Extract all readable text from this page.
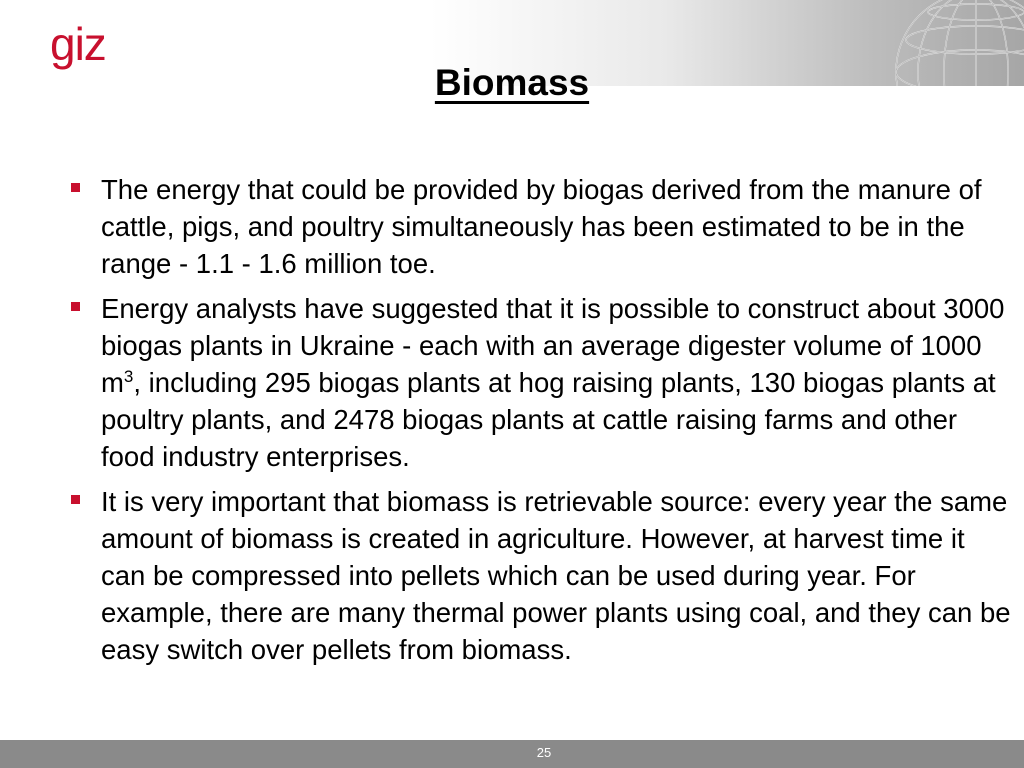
giz
Biomass
The energy that could be provided by biogas derived from the manure of cattle, pigs, and poultry simultaneously has been estimated to be in the range - 1.1 - 1.6 million toe.
Energy analysts have suggested that it is possible to construct about 3000 biogas plants in Ukraine - each with an average digester volume of 1000 $m^3$, including 295 biogas plants at hog raising plants, 130 biogas plants at poultry plants, and 2478 biogas plants at cattle raising farms and other food industry enterprises.
It is very important that biomass is retrievable source: every year the same amount of biomass is created in agriculture. However, at harvest time it can be compressed into pellets which can be used during year. For example, there are many thermal power plants using coal, and they can be easy switch over pellets from biomass.
25
